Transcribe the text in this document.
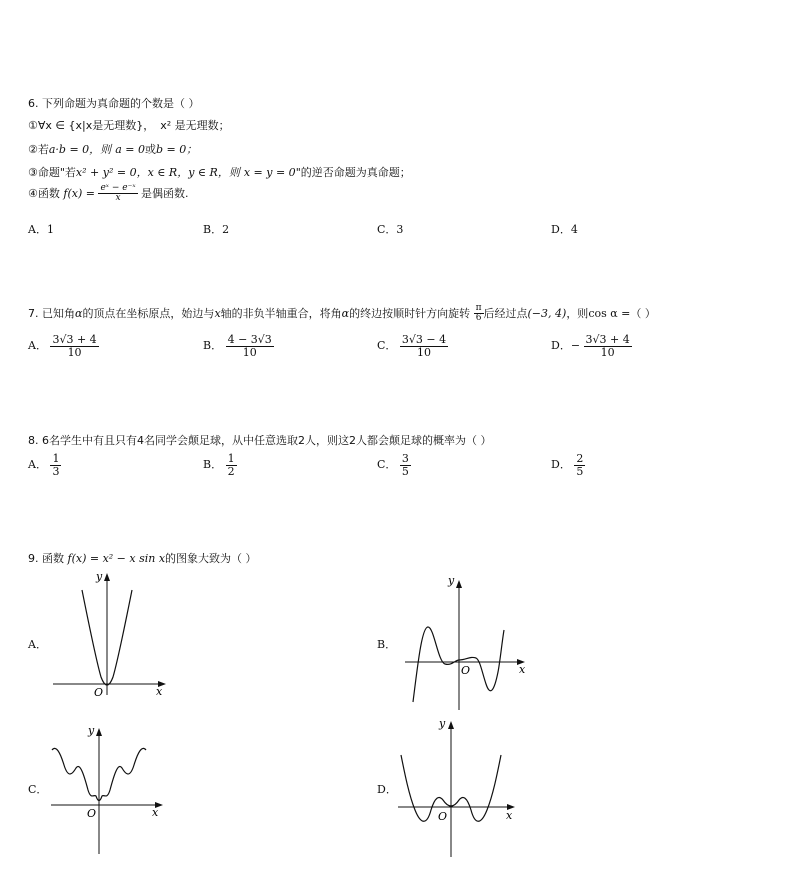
6. 下列命题为真命题的个数是（ ）
①∀x ∈ {x|x是无理数}， x² 是无理数；
②若a·b = 0，则 a = 0或b = 0；
③命题"若x² + y² = 0，x ∈ R，y ∈ R，则 x = y = 0"的逆否命题为真命题；
④函数 $f(x) = \frac{\text{eˣ − e⁻ˣ}}{x}$ 是偶函数.
A．1	B．2	C．3	D．4
7. 已知角α的顶点在坐标原点，始边与x轴的非负半轴重合，将角α的终边按顺时针方向旋转 $\frac{\pi}{6}$ 后经过点(−3, 4)，则cos α =（ ）
A． $\frac{3√3 + 4}{10}$	B． $\frac{4 - 3√3}{10}$	C． $\frac{3√3 - 4}{10}$	D．− $\frac{3√3 + 4}{10}$
8. 6名学生中有且只有4名同学会颠足球，从中任意选取2人，则这2人都会颠足球的概率为（ ）
A． $\frac{1}{3}$	B． $\frac{1}{2}$	C． $\frac{3}{5}$	D． $\frac{2}{5}$
9. 函数 f(x) = x² − x sin x的图象大致为（ ）
A．	B．
C．	D．
y
x
O
y
x
O
y
x
O
y
x
O
